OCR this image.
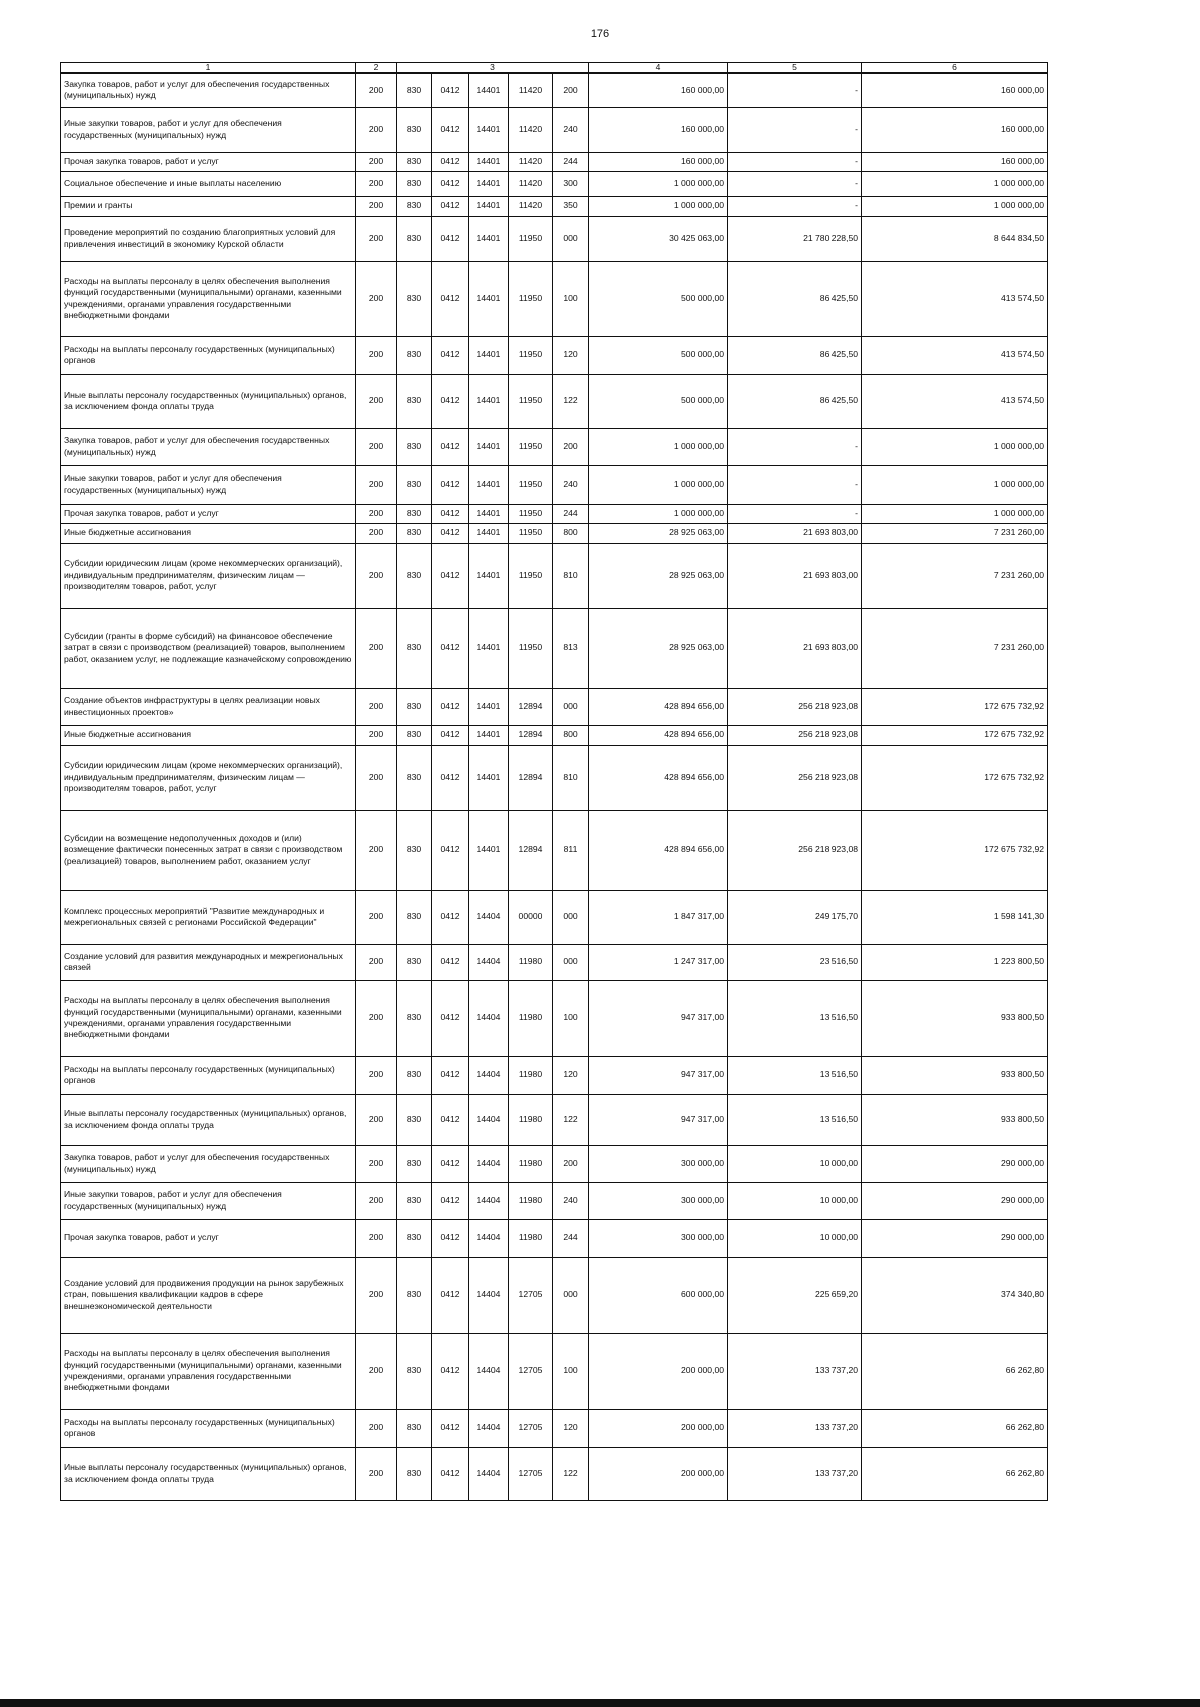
176
1	2	3					4	5	6
Закупка товаров, работ и услуг для обеспечения государственных (муниципальных) нужд	200	830	0412	14401	11420	200	160 000,00	-	160 000,00
Иные закупки товаров, работ и услуг для обеспечения государственных (муниципальных) нужд	200	830	0412	14401	11420	240	160 000,00	-	160 000,00
Прочая закупка товаров, работ и услуг	200	830	0412	14401	11420	244	160 000,00	-	160 000,00
Социальное обеспечение и иные выплаты населению	200	830	0412	14401	11420	300	1 000 000,00	-	1 000 000,00
Премии и гранты	200	830	0412	14401	11420	350	1 000 000,00	-	1 000 000,00
Проведение мероприятий по созданию благоприятных условий для привлечения инвестиций в экономику Курской области	200	830	0412	14401	11950	000	30 425 063,00	21 780 228,50	8 644 834,50
Расходы на выплаты персоналу в целях обеспечения выполнения функций государственными (муниципальными) органами, казенными учреждениями, органами управления государственными внебюджетными фондами	200	830	0412	14401	11950	100	500 000,00	86 425,50	413 574,50
Расходы на выплаты персоналу государственных (муниципальных) органов	200	830	0412	14401	11950	120	500 000,00	86 425,50	413 574,50
Иные выплаты персоналу государственных (муниципальных) органов, за исключением фонда оплаты труда	200	830	0412	14401	11950	122	500 000,00	86 425,50	413 574,50
Закупка товаров, работ и услуг для обеспечения государственных (муниципальных) нужд	200	830	0412	14401	11950	200	1 000 000,00	-	1 000 000,00
Иные закупки товаров, работ и услуг для обеспечения государственных (муниципальных) нужд	200	830	0412	14401	11950	240	1 000 000,00	-	1 000 000,00
Прочая закупка товаров, работ и услуг	200	830	0412	14401	11950	244	1 000 000,00	-	1 000 000,00
Иные бюджетные ассигнования	200	830	0412	14401	11950	800	28 925 063,00	21 693 803,00	7 231 260,00
Субсидии юридическим лицам (кроме некоммерческих организаций), индивидуальным предпринимателям, физическим лицам — производителям товаров, работ, услуг	200	830	0412	14401	11950	810	28 925 063,00	21 693 803,00	7 231 260,00
Субсидии (гранты в форме субсидий) на финансовое обеспечение затрат в связи с производством (реализацией) товаров, выполнением работ, оказанием услуг, не подлежащие казначейскому сопровождению	200	830	0412	14401	11950	813	28 925 063,00	21 693 803,00	7 231 260,00
Создание объектов инфраструктуры в целях реализации новых инвестиционных проектов»	200	830	0412	14401	12894	000	428 894 656,00	256 218 923,08	172 675 732,92
Иные бюджетные ассигнования	200	830	0412	14401	12894	800	428 894 656,00	256 218 923,08	172 675 732,92
Субсидии юридическим лицам (кроме некоммерческих организаций), индивидуальным предпринимателям, физическим лицам — производителям товаров, работ, услуг	200	830	0412	14401	12894	810	428 894 656,00	256 218 923,08	172 675 732,92
Субсидии на возмещение недополученных доходов и (или) возмещение фактически понесенных затрат в связи с производством (реализацией) товаров, выполнением работ, оказанием услуг	200	830	0412	14401	12894	811	428 894 656,00	256 218 923,08	172 675 732,92
Комплекс процессных мероприятий "Развитие международных и межрегиональных связей с регионами Российской Федерации"	200	830	0412	14404	00000	000	1 847 317,00	249 175,70	1 598 141,30
Создание условий для развития международных и межрегиональных связей	200	830	0412	14404	11980	000	1 247 317,00	23 516,50	1 223 800,50
Расходы на выплаты персоналу в целях обеспечения выполнения функций государственными (муниципальными) органами, казенными учреждениями, органами управления государственными внебюджетными фондами	200	830	0412	14404	11980	100	947 317,00	13 516,50	933 800,50
Расходы на выплаты персоналу государственных (муниципальных) органов	200	830	0412	14404	11980	120	947 317,00	13 516,50	933 800,50
Иные выплаты персоналу государственных (муниципальных) органов, за исключением фонда оплаты труда	200	830	0412	14404	11980	122	947 317,00	13 516,50	933 800,50
Закупка товаров, работ и услуг для обеспечения государственных (муниципальных) нужд	200	830	0412	14404	11980	200	300 000,00	10 000,00	290 000,00
Иные закупки товаров, работ и услуг для обеспечения государственных (муниципальных) нужд	200	830	0412	14404	11980	240	300 000,00	10 000,00	290 000,00
Прочая закупка товаров, работ и услуг	200	830	0412	14404	11980	244	300 000,00	10 000,00	290 000,00
Создание условий для продвижения продукции на рынок зарубежных стран, повышения квалификации кадров в сфере внешнеэкономической деятельности	200	830	0412	14404	12705	000	600 000,00	225 659,20	374 340,80
Расходы на выплаты персоналу в целях обеспечения выполнения функций государственными (муниципальными) органами, казенными учреждениями, органами управления государственными внебюджетными фондами	200	830	0412	14404	12705	100	200 000,00	133 737,20	66 262,80
Расходы на выплаты персоналу государственных (муниципальных) органов	200	830	0412	14404	12705	120	200 000,00	133 737,20	66 262,80
Иные выплаты персоналу государственных (муниципальных) органов, за исключением фонда оплаты труда	200	830	0412	14404	12705	122	200 000,00	133 737,20	66 262,80
